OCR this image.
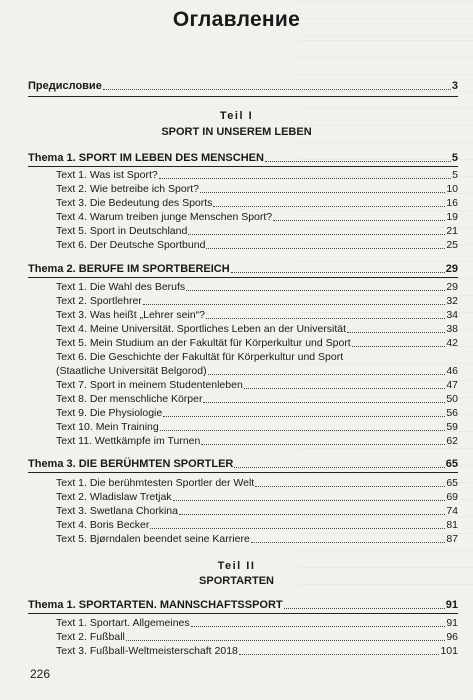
Оглавление
Предисловие	3
Teil I
SPORT IN UNSEREM LEBEN
Thema 1. SPORT IM LEBEN DES MENSCHEN	5
Text 1. Was ist Sport?	5
Text 2. Wie betreibe ich Sport?	10
Text 3. Die Bedeutung des Sports	16
Text 4. Warum treiben junge Menschen Sport?	19
Text 5. Sport in Deutschland	21
Text 6. Der Deutsche Sportbund	25
Thema 2. BERUFE IM SPORTBEREICH	29
Text 1. Die Wahl des Berufs	29
Text 2. Sportlehrer	32
Text 3. Was heißt „Lehrer sein“?	34
Text 4. Meine Universität. Sportliches Leben an der Universität	38
Text 5. Mein Studium an der Fakultät für Körperkultur und Sport	42
Text 6. Die Geschichte der Fakultät für Körperkultur und Sport
(Staatliche Universität Belgorod)	46
Text 7. Sport in meinem Studentenleben	47
Text 8. Der menschliche Körper	50
Text 9. Die Physiologie	56
Text 10. Mein Training	59
Text 11. Wettkämpfe im Turnen	62
Thema 3. DIE BERÜHMTEN SPORTLER	65
Text 1. Die berühmtesten Sportler der Welt	65
Text 2. Wladislaw Tretjak	69
Text 3. Swetlana Chorkina	74
Text 4. Boris Becker	81
Text 5. Bjørndalen beendet seine Karriere	87
Teil II
SPORTARTEN
Thema 1. SPORTARTEN. MANNSCHAFTSSPORT	91
Text 1. Sportart. Allgemeines	91
Text 2. Fußball	96
Text 3. Fußball-Weltmeisterschaft 2018	101
226
